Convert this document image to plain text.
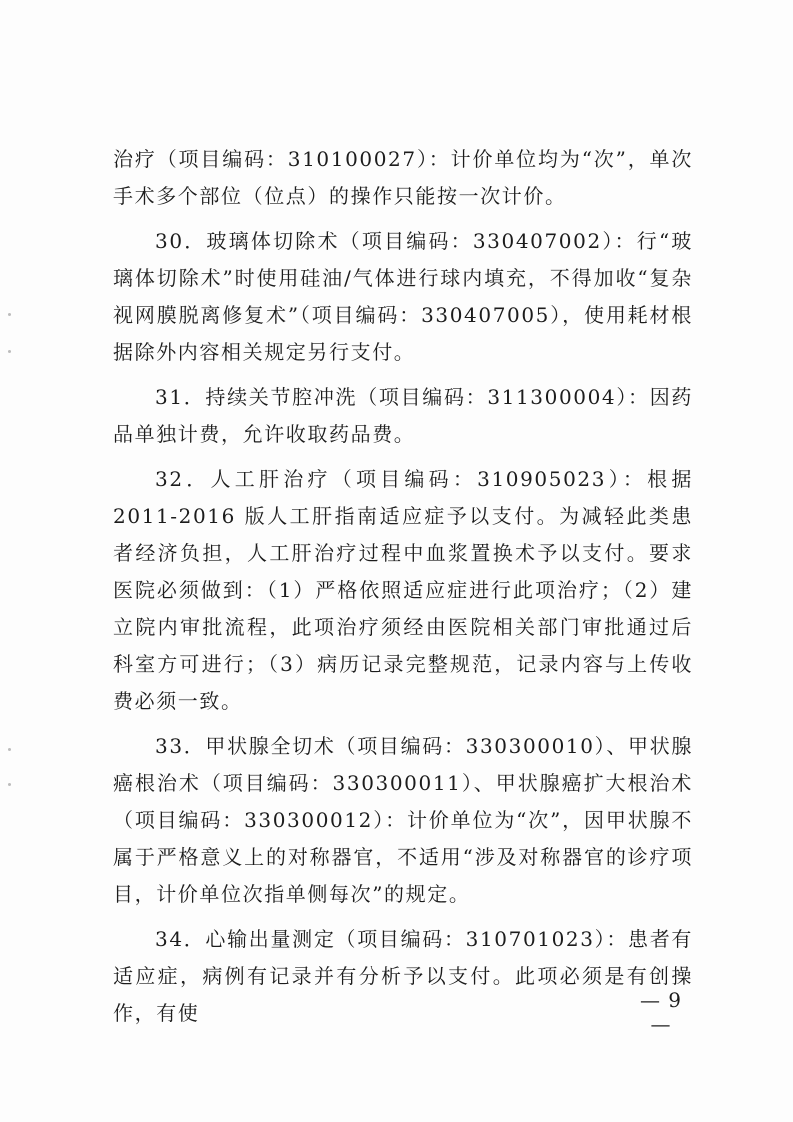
治疗（项目编码：310100027）：计价单位均为“次”，单次手术多个部位（位点）的操作只能按一次计价。

30．玻璃体切除术（项目编码：330407002）：行“玻璃体切除术”时使用硅油/气体进行球内填充，不得加收“复杂视网膜脱离修复术”（项目编码：330407005），使用耗材根据除外内容相关规定另行支付。

31．持续关节腔冲洗（项目编码：311300004）：因药品单独计费，允许收取药品费。

32．人工肝治疗（项目编码：310905023）：根据 2011-2016 版人工肝指南适应症予以支付。为减轻此类患者经济负担，人工肝治疗过程中血浆置换术予以支付。要求医院必须做到：（1）严格依照适应症进行此项治疗；（2）建立院内审批流程，此项治疗须经由医院相关部门审批通过后科室方可进行；（3）病历记录完整规范，记录内容与上传收费必须一致。

33．甲状腺全切术（项目编码：330300010）、甲状腺癌根治术（项目编码：330300011）、甲状腺癌扩大根治术（项目编码：330300012）：计价单位为“次”，因甲状腺不属于严格意义上的对称器官，不适用“涉及对称器官的诊疗项目，计价单位次指单侧每次”的规定。

34．心输出量测定（项目编码：310701023）：患者有适应症，病例有记录并有分析予以支付。此项必须是有创操作，有使

— 9 —
